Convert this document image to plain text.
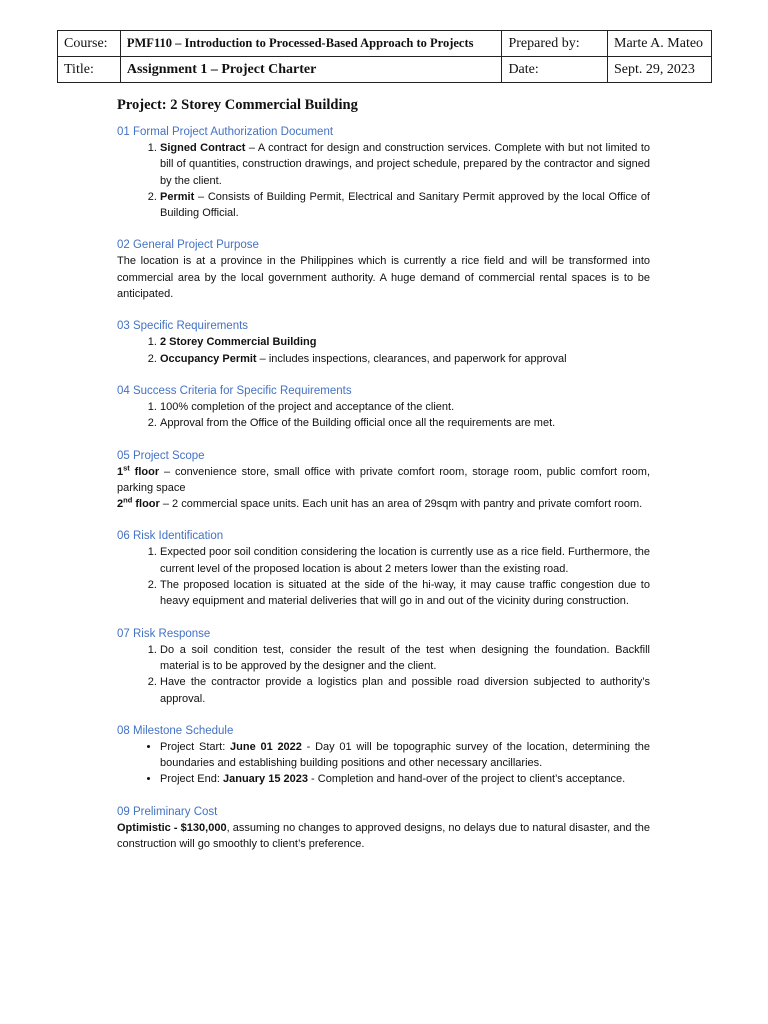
Course:	PMF110 – Introduction to Processed-Based Approach to Projects	Prepared by:	Marte A. Mateo
Title:	Assignment 1 – Project Charter	Date:	Sept. 29, 2023
Project: 2 Storey Commercial Building
01 Formal Project Authorization Document
1. Signed Contract – A contract for design and construction services. Complete with but not limited to bill of quantities, construction drawings, and project schedule, prepared by the contractor and signed by the client.
2. Permit – Consists of Building Permit, Electrical and Sanitary Permit approved by the local Office of Building Official.
02 General Project Purpose

The location is at a province in the Philippines which is currently a rice field and will be transformed into commercial area by the local government authority. A huge demand of commercial rental spaces is to be anticipated.

03 Specific Requirements
1. 2 Storey Commercial Building
2. Occupancy Permit – includes inspections, clearances, and paperwork for approval
04 Success Criteria for Specific Requirements
1. 100% completion of the project and acceptance of the client.
2. Approval from the Office of the Building official once all the requirements are met.
05 Project Scope

1st floor – convenience store, small office with private comfort room, storage room, public comfort room, parking space

2nd floor – 2 commercial space units. Each unit has an area of 29sqm with pantry and private comfort room.

06 Risk Identification
1. Expected poor soil condition considering the location is currently use as a rice field. Furthermore, the current level of the proposed location is about 2 meters lower than the existing road.
2. The proposed location is situated at the side of the hi-way, it may cause traffic congestion due to heavy equipment and material deliveries that will go in and out of the vicinity during construction.
07 Risk Response
1. Do a soil condition test, consider the result of the test when designing the foundation. Backfill material is to be approved by the designer and the client.
2. Have the contractor provide a logistics plan and possible road diversion subjected to authority’s approval.
08 Milestone Schedule
• Project Start: June 01 2022 - Day 01 will be topographic survey of the location, determining the boundaries and establishing building positions and other necessary ancillaries.
• Project End: January 15 2023 - Completion and hand-over of the project to client’s acceptance.
09 Preliminary Cost

Optimistic - $130,000, assuming no changes to approved designs, no delays due to natural disaster, and the construction will go smoothly to client’s preference.
